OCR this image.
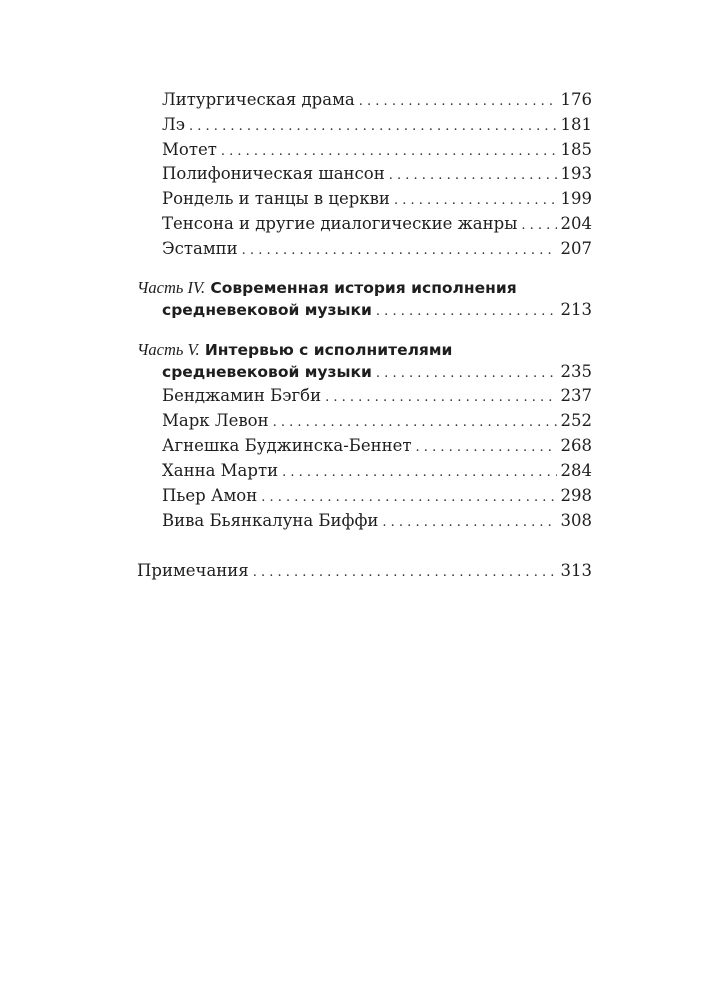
Литургическая драма . . .	176
Лэ . . .	181
Мотет . . .	185
Полифоническая шансон . . .	193
Рондель и танцы в церкви . . .	199
Тенсона и другие диалогические жанры . . .	204
Эстампи . . .	207
Часть IV. Современная история исполнения
средневековой музыки . . .	213
Часть V. Интервью с исполнителями
средневековой музыки . . .	235
Бенджамин Бэгби . . .	237
Марк Левон . . .	252
Агнешка Буджинска-Беннет . . .	268
Ханна Марти . . .	284
Пьер Амон . . .	298
Вива Бьянкалуна Биффи . . .	308
Примечания . . .	313
